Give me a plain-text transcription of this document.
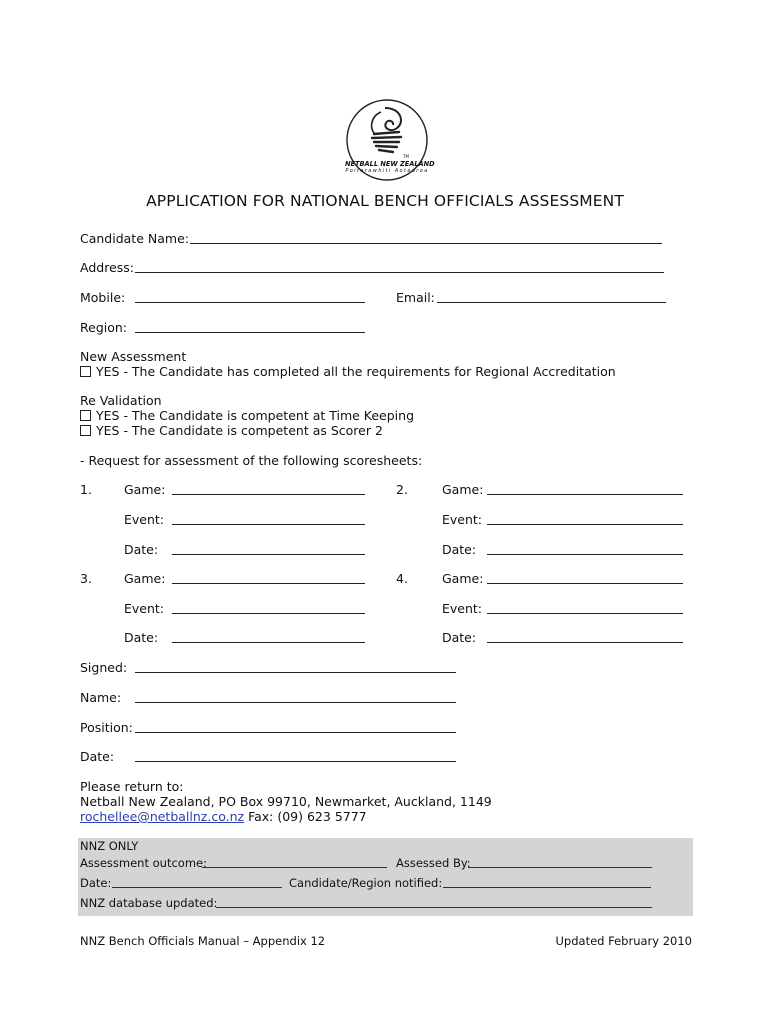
TM
NETBALL NEW ZEALAND
Poitarawhiti Aotearoa
APPLICATION FOR NATIONAL BENCH OFFICIALS ASSESSMENT
Candidate Name:
Address:
Mobile:	Email:
Region:
New Assessment
YES - The Candidate has completed all the requirements for Regional Accreditation
Re Validation
YES - The Candidate is competent at Time Keeping
YES - The Candidate is competent as Scorer 2
- Request for assessment of the following scoresheets:
1.	Game:
Event:
Date:
2.	Game:
Event:
Date:
3.	Game:
Event:
Date:
4.	Game:
Event:
Date:
Signed:
Name:
Position:
Date:
Please return to:
Netball New Zealand, PO Box 99710, Newmarket, Auckland, 1149
rochellee@netballnz.co.nz Fax: (09) 623 5777
NNZ ONLY
Assessment outcome:	Assessed By:
Date:	Candidate/Region notified:
NNZ database updated:
NNZ Bench Officials Manual – Appendix 12	Updated February 2010
